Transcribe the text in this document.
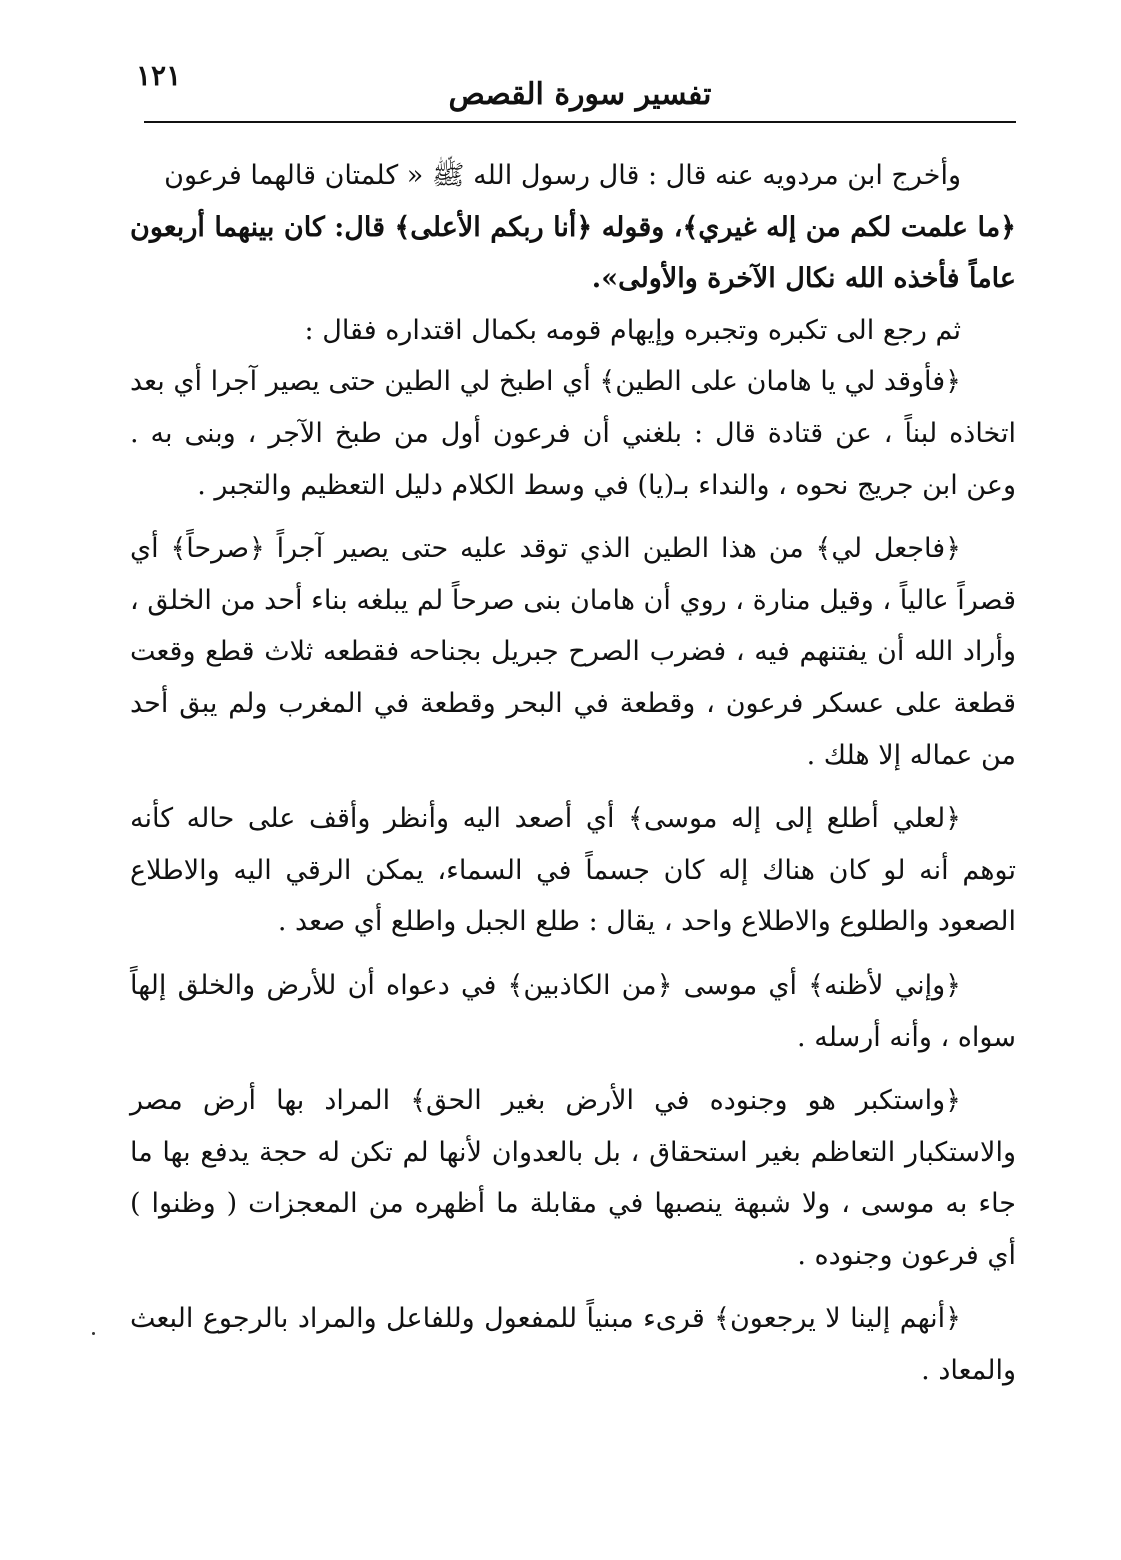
١٢١
تفسير سورة القصص

وأخرج ابن مردويه عنه قال : قال رسول الله ﷺ « كلمتان قالهما فرعون

﴿ما علمت لكم من إله غيري﴾، وقوله ﴿أنا ربكم الأعلى﴾ قال: كان بينهما أربعون عاماً فأخذه الله نكال الآخرة والأولى».

ثم رجع الى تكبره وتجبره وإيهام قومه بكمال اقتداره فقال :

﴿فأوقد لي يا هامان على الطين﴾ أي اطبخ لي الطين حتى يصير آجرا أي بعد اتخاذه لبناً ، عن قتادة قال : بلغني أن فرعون أول من طبخ الآجر ، وبنى به . وعن ابن جريج نحوه ، والنداء بـ(يا) في وسط الكلام دليل التعظيم والتجبر .

﴿فاجعل لي﴾ من هذا الطين الذي توقد عليه حتى يصير آجراً ﴿صرحاً﴾ أي قصراً عالياً ، وقيل منارة ، روي أن هامان بنى صرحاً لم يبلغه بناء أحد من الخلق ، وأراد الله أن يفتنهم فيه ، فضرب الصرح جبريل بجناحه فقطعه ثلاث قطع وقعت قطعة على عسكر فرعون ، وقطعة في البحر وقطعة في المغرب ولم يبق أحد من عماله إلا هلك .

﴿لعلي أطلع إلى إله موسى﴾ أي أصعد اليه وأنظر وأقف على حاله كأنه توهم أنه لو كان هناك إله كان جسماً في السماء، يمكن الرقي اليه والاطلاع الصعود والطلوع والاطلاع واحد ، يقال : طلع الجبل واطلع أي صعد .

﴿وإني لأظنه﴾ أي موسى ﴿من الكاذبين﴾ في دعواه أن للأرض والخلق إلهاً سواه ، وأنه أرسله .

﴿واستكبر هو وجنوده في الأرض بغير الحق﴾ المراد بها أرض مصر والاستكبار التعاظم بغير استحقاق ، بل بالعدوان لأنها لم تكن له حجة يدفع بها ما جاء به موسى ، ولا شبهة ينصبها في مقابلة ما أظهره من المعجزات ( وظنوا ) أي فرعون وجنوده .

﴿أنهم إلينا لا يرجعون﴾ قرىء مبنياً للمفعول وللفاعل والمراد بالرجوع البعث والمعاد .
